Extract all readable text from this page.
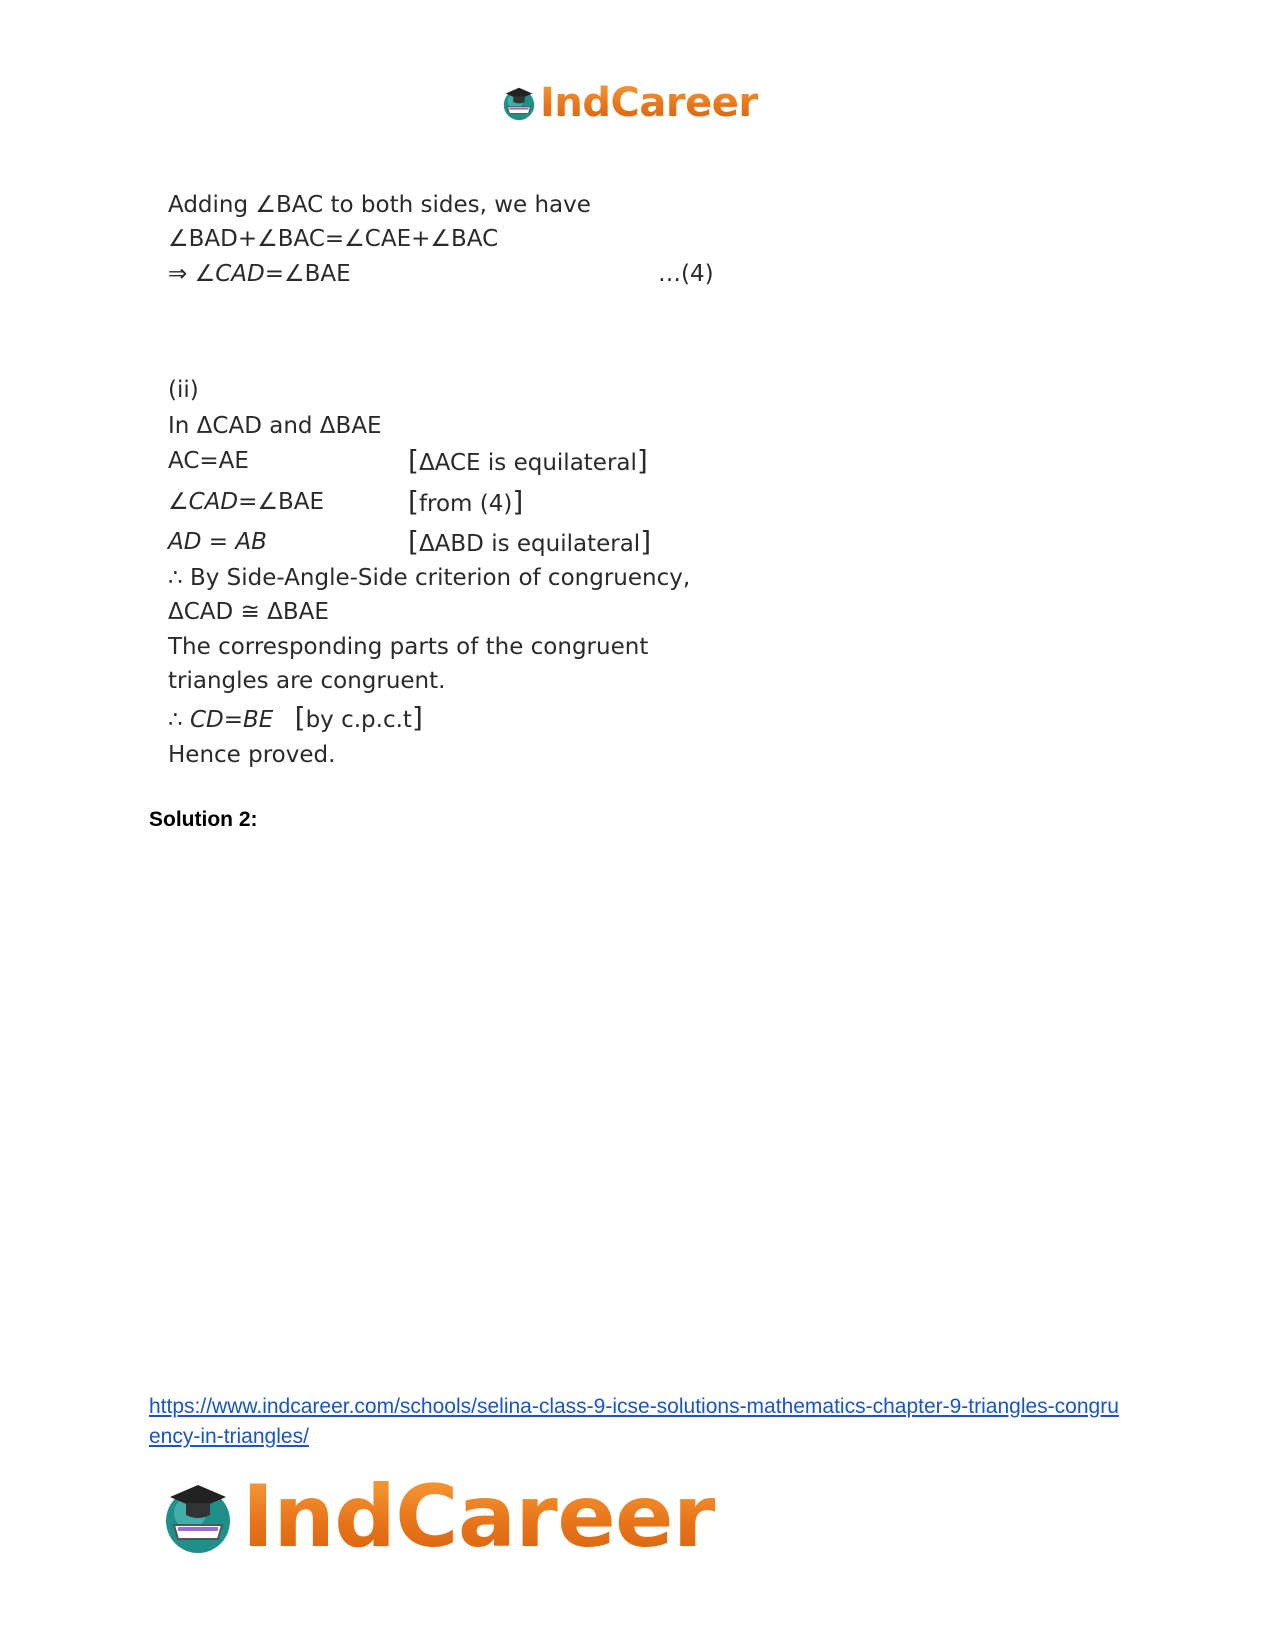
IndCareer
Adding ∠BAC to both sides, we have
∠BAD+∠BAC=∠CAE+∠BAC
⇒ ∠CAD=∠BAE	…(4)
(ii)
In ΔCAD and ΔBAE
AC=AE	[ΔACE is equilateral]
∠CAD=∠BAE	[from (4)]
AD = AB	[ΔABD is equilateral]
∴ By Side-Angle-Side criterion of congruency,
ΔCAD ≅ ΔBAE
The corresponding parts of the congruent
triangles are congruent.
∴ CD=BE [by c.p.c.t]
Hence proved.
Solution 2:
https://www.indcareer.com/schools/selina-class-9-icse-solutions-mathematics-chapter-9-triangles-congruency-in-triangles/
IndCareer
